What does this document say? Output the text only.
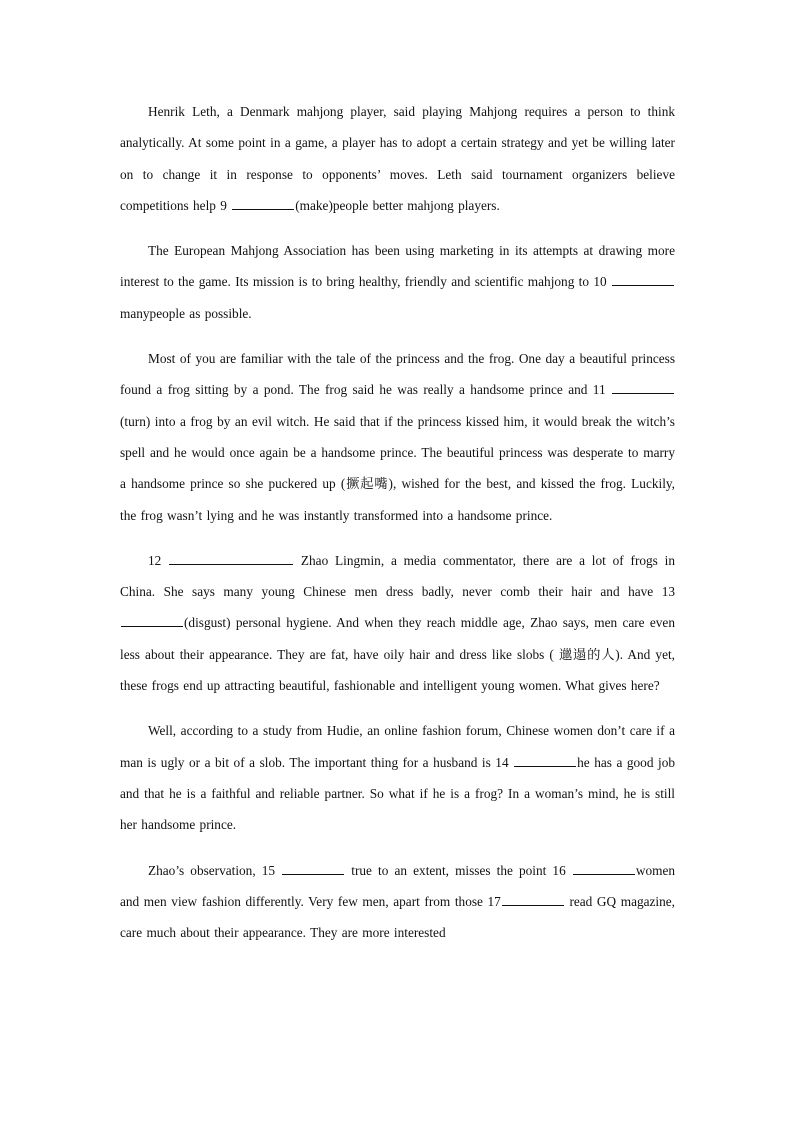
Henrik Leth, a Denmark mahjong player, said playing Mahjong requires a person to think analytically. At some point in a game, a player has to adopt a certain strategy and yet be willing later on to change it in response to opponents’ moves. Leth said tournament organizers believe competitions help 9	(make)people better mahjong players.

The European Mahjong Association has been using marketing in its attempts at drawing more interest to the game. Its mission is to bring healthy, friendly and scientific mahjong to 10 manypeople as possible.

Most of you are familiar with the tale of the princess and the frog. One day a beautiful princess found a frog sitting by a pond. The frog said he was really a handsome prince and 11 (turn) into a frog by an evil witch. He said that if the princess kissed him, it would break the witch’s spell and he would once again be a handsome prince. The beautiful princess was desperate to marry a handsome prince so she puckered up (撅起嘴), wished for the best, and kissed the frog. Luckily, the frog wasn’t lying and he was instantly transformed into a handsome prince.

12	Zhao Lingmin, a media commentator, there are a lot of frogs in China. She says many young Chinese men dress badly, never comb their hair and have 13 (disgust) personal hygiene. And when they reach middle age, Zhao says, men care even less about their appearance. They are fat, have oily hair and dress like slobs ( 邋遢的人). And yet, these frogs end up attracting beautiful, fashionable and intelligent young women. What gives here?

Well, according to a study from Hudie, an online fashion forum, Chinese women don’t care if a man is ugly or a bit of a slob. The important thing for a husband is 14	he has a good job and that he is a faithful and reliable partner. So what if he is a frog? In a woman’s mind, he is still her handsome prince.

Zhao’s observation, 15	true to an extent, misses the point 16	women and men view fashion differently. Very few men, apart from those 17	read GQ magazine, care much about their appearance. They are more interested
